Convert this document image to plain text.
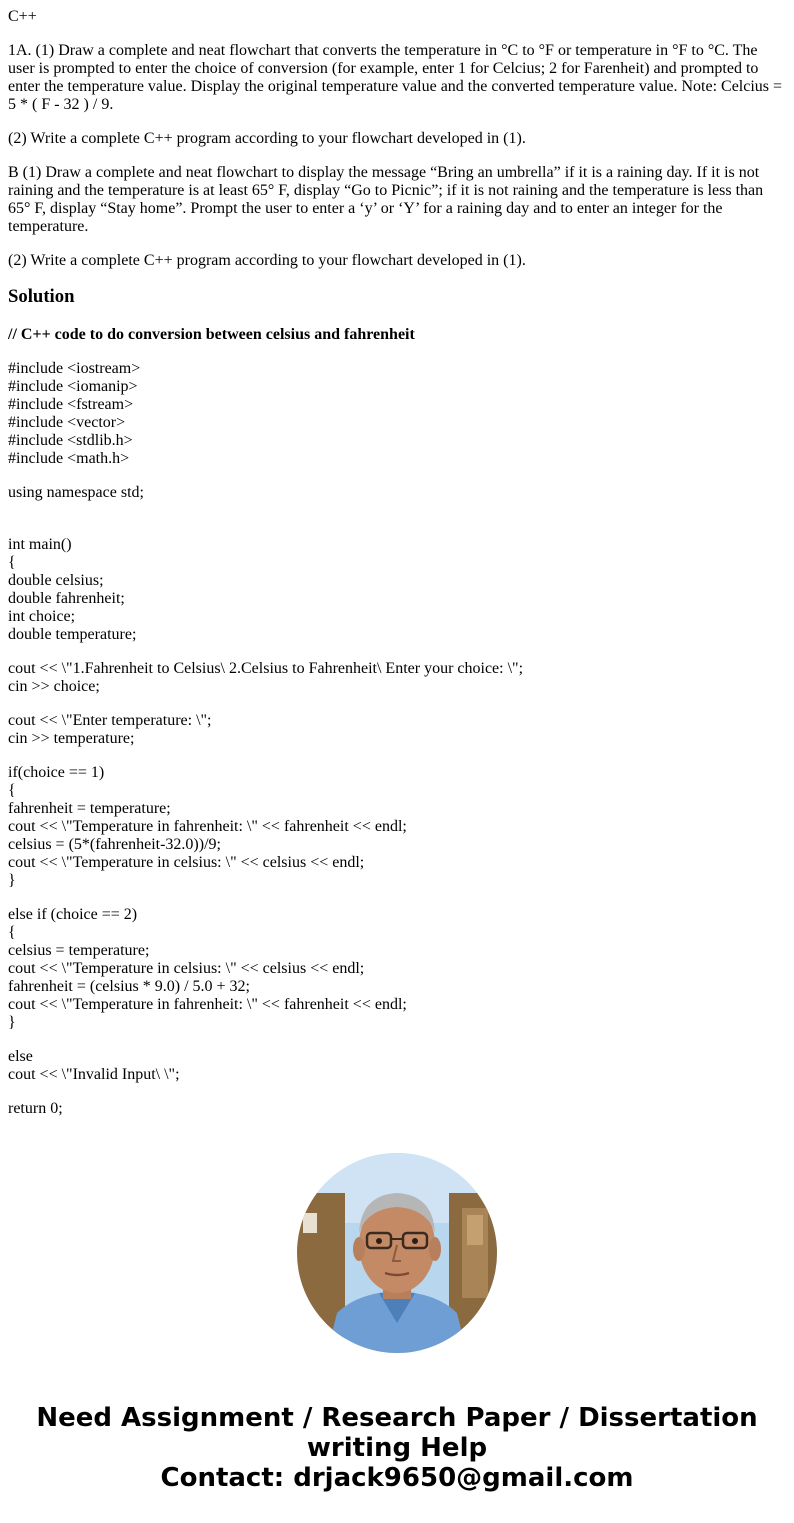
C++
1A. (1) Draw a complete and neat flowchart that converts the temperature in °C to °F or temperature in °F to °C. The user is prompted to enter the choice of conversion (for example, enter 1 for Celcius; 2 for Farenheit) and prompted to enter the temperature value. Display the original temperature value and the converted temperature value. Note: Celcius = 5 * ( F - 32 ) / 9.
(2) Write a complete C++ program according to your flowchart developed in (1).
B (1) Draw a complete and neat flowchart to display the message “Bring an umbrella” if it is a raining day. If it is not raining and the temperature is at least 65° F, display “Go to Picnic”; if it is not raining and the temperature is less than 65° F, display “Stay home”. Prompt the user to enter a ‘y’ or ‘Y’ for a raining day and to enter an integer for the temperature.
(2) Write a complete C++ program according to your flowchart developed in (1).
Solution
// C++ code to do conversion between celsius and fahrenheit
#include <iostream>
#include <iomanip>
#include <fstream>
#include <vector>
#include <stdlib.h>
#include <math.h>
using namespace std;
int main()
{
double celsius;
double fahrenheit;
int choice;
double temperature;
cout << \"1.Fahrenheit to Celsius\ 2.Celsius to Fahrenheit\ Enter your choice: \";
cin >> choice;
cout << \"Enter temperature: \";
cin >> temperature;
if(choice == 1)
{
fahrenheit = temperature;
cout << \"Temperature in fahrenheit: \" << fahrenheit << endl;
celsius = (5*(fahrenheit-32.0))/9;
cout << \"Temperature in celsius: \" << celsius << endl;
}
else if (choice == 2)
{
celsius = temperature;
cout << \"Temperature in celsius: \" << celsius << endl;
fahrenheit = (celsius * 9.0) / 5.0 + 32;
cout << \"Temperature in fahrenheit: \" << fahrenheit << endl;
}
else
cout << \"Invalid Input\ \";
return 0;
Need Assignment / Research Paper / Dissertation
writing Help
Contact: drjack9650@gmail.com
